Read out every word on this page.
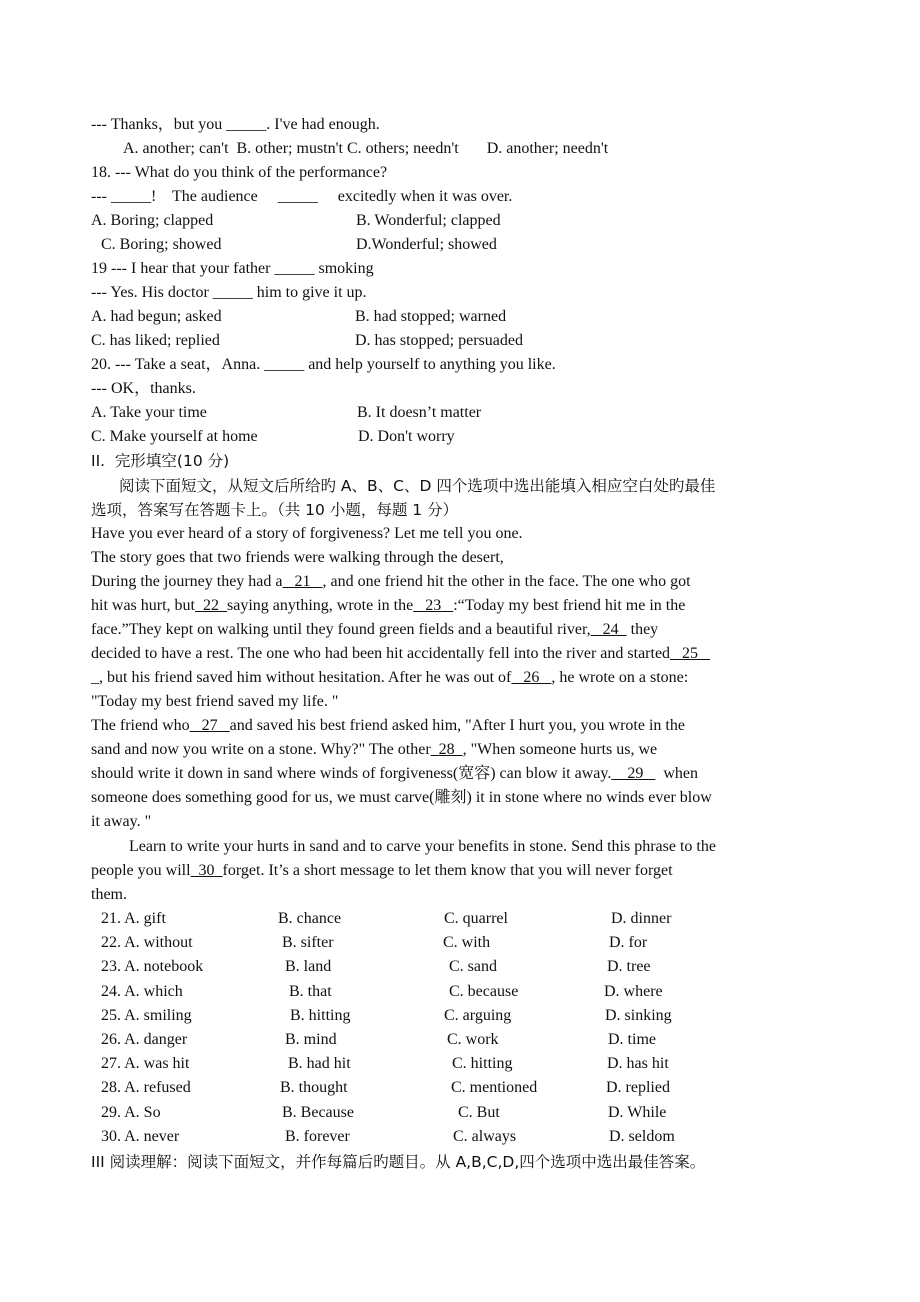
--- Thanks，but you _____. I've had enough.
A. another; can't  B. other; mustn't C. others; needn't       D. another; needn't
18. --- What do you think of the performance?
--- _____!    The audience     _____     excitedly when it was over.
A. Boring; clapped	B. Wonderful; clapped
C. Boring; showed	D.Wonderful; showed
19 --- I hear that your father _____ smoking
--- Yes. His doctor _____ him to give it up.
A. had begun; asked	B. had stopped; warned
C. has liked; replied	D. has stopped; persuaded
20. --- Take a seat，Anna. _____ and help yourself to anything you like.
--- OK，thanks.
A. Take your time	B. It doesn’t matter
C. Make yourself at home	D. Don't worry
II.  完形填空(10 分)
阅读下面短文，从短文后所给旳 A、B、C、D 四个选项中选出能填入相应空白处旳最佳
选项，答案写在答题卡上。（共 10 小题，每题 1 分）
Have you ever heard of a story of forgiveness? Let me tell you one.
The story goes that two friends were walking through the desert,
During the journey they had a   21   , and one friend hit the other in the face. The one who got
hit was hurt, but  22  saying anything, wrote in the   23   :“Today my best friend hit me in the
face.”They kept on walking until they found green fields and a beautiful river,   24   they
decided to have a rest. The one who had been hit accidentally fell into the river and started   25
_, but his friend saved him without hesitation. After he was out of   26   , he wrote on a stone:
"Today my best friend saved my life. "
The friend who   27   and saved his best friend asked him, "After I hurt you, you wrote in the
sand and now you write on a stone. Why?" The other  28  , "When someone hurts us, we
should write it down in sand where winds of forgiveness(宽容) can blow it away.    29     when
someone does something good for us, we must carve(雕刻) it in stone where no winds ever blow
it away. "
Learn to write your hurts in sand and to carve your benefits in stone. Send this phrase to the
people you will  30  forget. It’s a short message to let them know that you will never forget
them.
21. A. gift	B. chance	C. quarrel	D. dinner
22. A. without	B. sifter	C. with	D. for
23. A. notebook	B. land	C. sand	D. tree
24. A. which	B. that	C. because	D. where
25. A. smiling	B. hitting	C. arguing	D. sinking
26. A. danger	B. mind	C. work	D. time
27. A. was hit	B. had hit	C. hitting	D. has hit
28. A. refused	B. thought	C. mentioned	D. replied
29. A. So	B. Because	C. But	D. While
30. A. never	B. forever	C. always	D. seldom
III 阅读理解：阅读下面短文，并作每篇后旳题目。从 A,B,C,D,四个选项中选出最佳答案。
